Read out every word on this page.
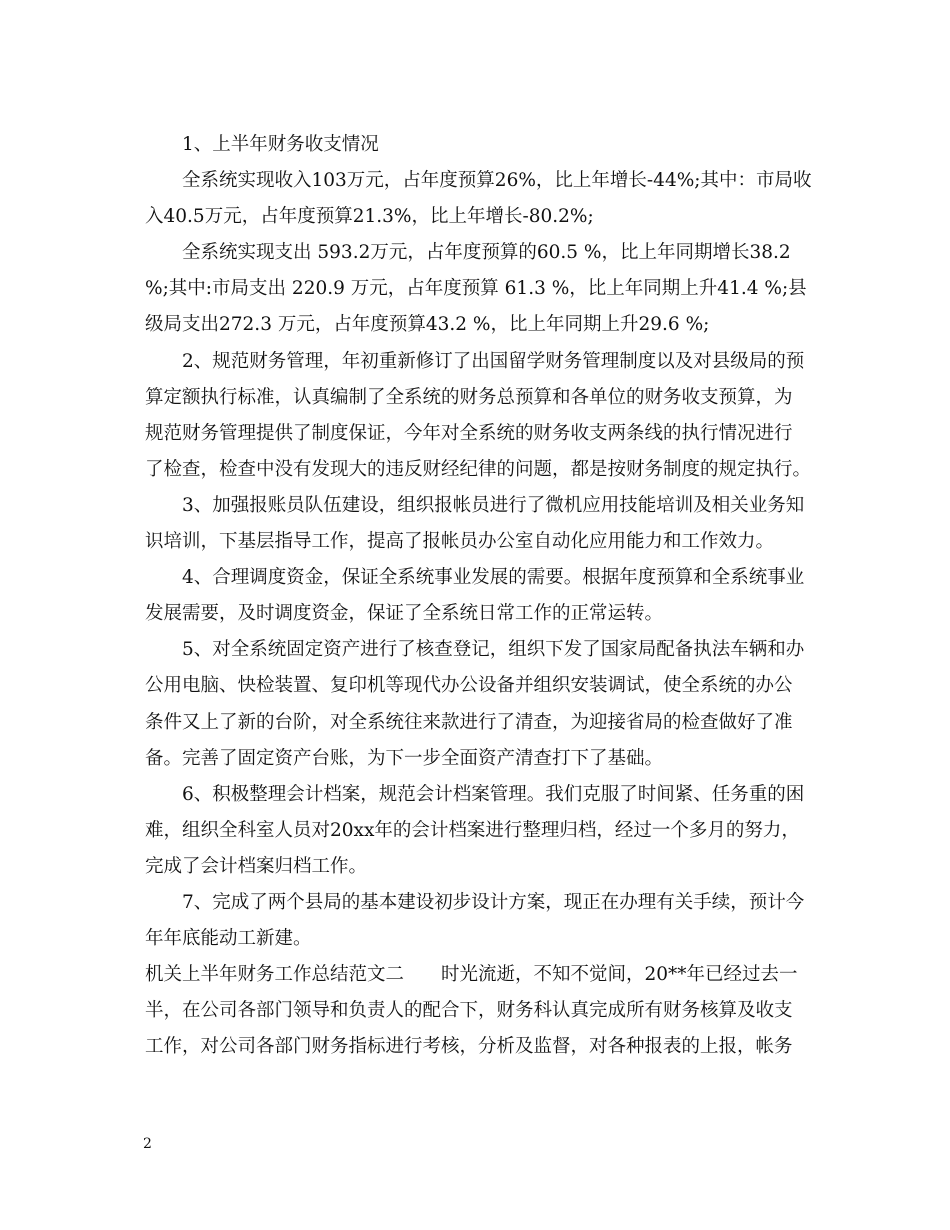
1、上半年财务收支情况
全系统实现收入103万元，占年度预算26%，比上年增长-44%;其中：市局收
入40.5万元，占年度预算21.3%，比上年增长-80.2%;
全系统实现支出 593.2万元，占年度预算的60.5 %，比上年同期增长38.2
%;其中:市局支出 220.9 万元，占年度预算 61.3 %，比上年同期上升41.4 %;县
级局支出272.3 万元，占年度预算43.2 %，比上年同期上升29.6 %;
2、规范财务管理，年初重新修订了出国留学财务管理制度以及对县级局的预
算定额执行标准，认真编制了全系统的财务总预算和各单位的财务收支预算，为
规范财务管理提供了制度保证，今年对全系统的财务收支两条线的执行情况进行
了检查，检查中没有发现大的违反财经纪律的问题，都是按财务制度的规定执行。
3、加强报账员队伍建设，组织报帐员进行了微机应用技能培训及相关业务知
识培训，下基层指导工作，提高了报帐员办公室自动化应用能力和工作效力。
4、合理调度资金，保证全系统事业发展的需要。根据年度预算和全系统事业
发展需要，及时调度资金，保证了全系统日常工作的正常运转。
5、对全系统固定资产进行了核查登记，组织下发了国家局配备执法车辆和办
公用电脑、快检装置、复印机等现代办公设备并组织安装调试，使全系统的办公
条件又上了新的台阶，对全系统往来款进行了清查，为迎接省局的检查做好了准
备。完善了固定资产台账，为下一步全面资产清查打下了基础。
6、积极整理会计档案，规范会计档案管理。我们克服了时间紧、任务重的困
难，组织全科室人员对20xx年的会计档案进行整理归档，经过一个多月的努力，
完成了会计档案归档工作。
7、完成了两个县局的基本建设初步设计方案，现正在办理有关手续，预计今
年年底能动工新建。
机关上半年财务工作总结范文二　　时光流逝，不知不觉间，20**年已经过去一
半，在公司各部门领导和负责人的配合下，财务科认真完成所有财务核算及收支
工作，对公司各部门财务指标进行考核，分析及监督，对各种报表的上报，帐务
2
